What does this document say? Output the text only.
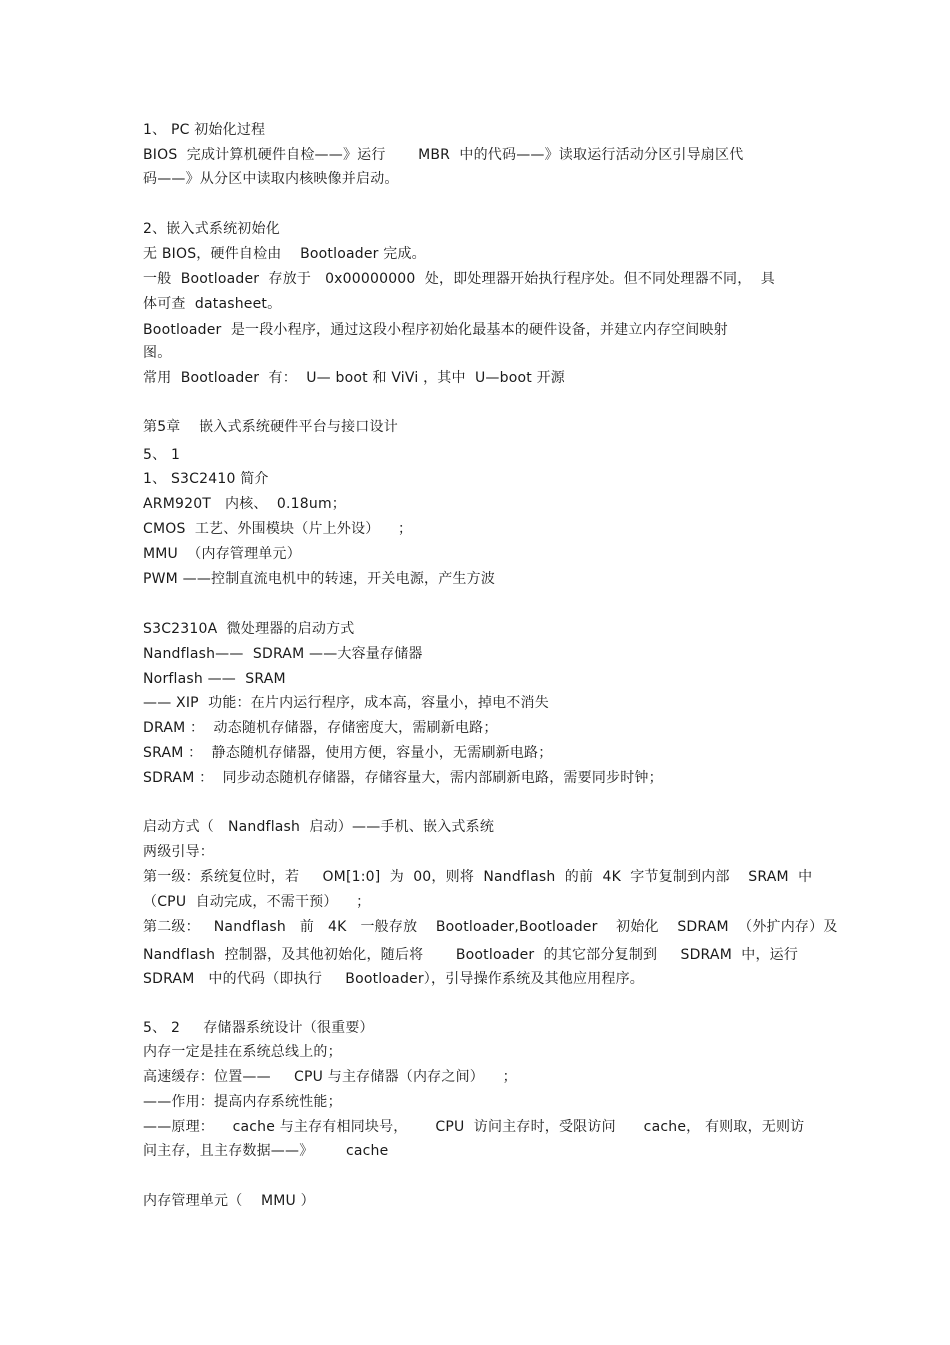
1、 PC 初始化过程
BIOS  完成计算机硬件自检——》运行       MBR  中的代码——》读取运行活动分区引导扇区代
码——》从分区中读取内核映像并启动。
2、嵌入式系统初始化
无 BIOS，硬件自检由    Bootloader 完成。
一般  Bootloader  存放于   0x00000000  处，即处理器开始执行程序处。但不同处理器不同，  具
体可查  datasheet。
Bootloader  是一段小程序，通过这段小程序初始化最基本的硬件设备，并建立内存空间映射
图。
常用  Bootloader  有：  U— boot 和 ViVi ，其中  U—boot 开源
第5章    嵌入式系统硬件平台与接口设计
5、 1
1、 S3C2410 简介
ARM920T   内核、  0.18um；
CMOS  工艺、外围模块（片上外设）    ；
MMU  （内存管理单元）
PWM ——控制直流电机中的转速，开关电源，产生方波
S3C2310A  微处理器的启动方式
Nandflash——  SDRAM ——大容量存储器
Norflash ——  SRAM
—— XIP  功能：在片内运行程序，成本高，容量小，掉电不消失
DRAM ：  动态随机存储器，存储密度大，需刷新电路；
SRAM ：  静态随机存储器，使用方便，容量小，无需刷新电路；
SDRAM ：  同步动态随机存储器，存储容量大，需内部刷新电路，需要同步时钟；
启动方式（   Nandflash  启动）——手机、嵌入式系统
两级引导：
第一级：系统复位时，若     OM[1:0]  为  00，则将  Nandflash  的前  4K  字节复制到内部    SRAM  中
（CPU  自动完成，不需干预）    ；
第二级：   Nandflash   前   4K   一般存放    Bootloader,Bootloader    初始化    SDRAM  （外扩内存）及
Nandflash  控制器，及其他初始化，随后将       Bootloader  的其它部分复制到     SDRAM  中，运行
SDRAM   中的代码（即执行     Bootloader），引导操作系统及其他应用程序。
5、 2     存储器系统设计（很重要）
内存一定是挂在系统总线上的；
高速缓存：位置——     CPU 与主存储器（内存之间）    ；
——作用：提高内存系统性能；
——原理：    cache 与主存有相同块号，      CPU  访问主存时，受限访问      cache， 有则取，无则访
问主存，且主存数据——》       cache
内存管理单元（    MMU ）
